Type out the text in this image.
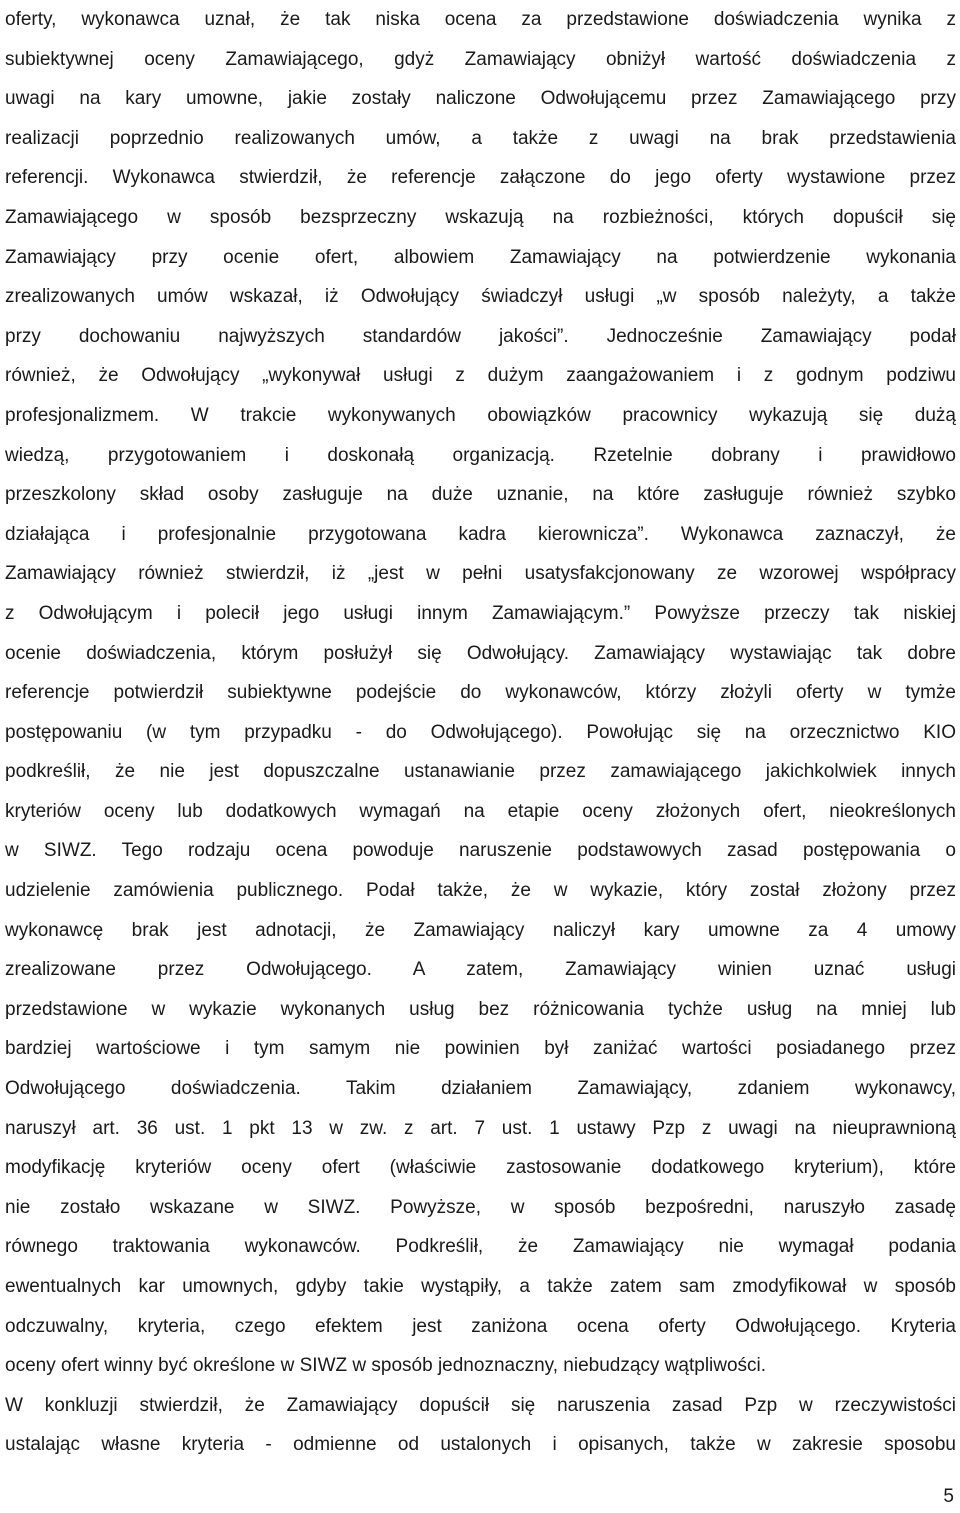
oferty, wykonawca uznał, że tak niska ocena za przedstawione doświadczenia wynika z
subiektywnej oceny Zamawiającego, gdyż Zamawiający obniżył wartość doświadczenia z
uwagi na kary umowne, jakie zostały naliczone Odwołującemu przez Zamawiającego przy
realizacji poprzednio realizowanych umów, a także z uwagi na brak przedstawienia
referencji. Wykonawca stwierdził, że referencje załączone do jego oferty wystawione przez
Zamawiającego w sposób bezsprzeczny wskazują na rozbieżności, których dopuścił się
Zamawiający przy ocenie ofert, albowiem Zamawiający na potwierdzenie wykonania
zrealizowanych umów wskazał, iż Odwołujący świadczył usługi „w sposób należyty, a także
przy dochowaniu najwyższych standardów jakości”. Jednocześnie Zamawiający podał
również, że Odwołujący „wykonywał usługi z dużym zaangażowaniem i z godnym podziwu
profesjonalizmem. W trakcie wykonywanych obowiązków pracownicy wykazują się dużą
wiedzą, przygotowaniem i doskonałą organizacją. Rzetelnie dobrany i prawidłowo
przeszkolony skład osoby zasługuje na duże uznanie, na które zasługuje również szybko
działająca i profesjonalnie przygotowana kadra kierownicza”. Wykonawca zaznaczył, że
Zamawiający również stwierdził, iż „jest w pełni usatysfakcjonowany ze wzorowej współpracy
z Odwołującym i polecił jego usługi innym Zamawiającym.” Powyższe przeczy tak niskiej
ocenie doświadczenia, którym posłużył się Odwołujący. Zamawiający wystawiając tak dobre
referencje potwierdził subiektywne podejście do wykonawców, którzy złożyli oferty w tymże
postępowaniu (w tym przypadku - do Odwołującego). Powołując się na orzecznictwo KIO
podkreślił, że nie jest dopuszczalne ustanawianie przez zamawiającego jakichkolwiek innych
kryteriów oceny lub dodatkowych wymagań na etapie oceny złożonych ofert, nieokreślonych
w SIWZ. Tego rodzaju ocena powoduje naruszenie podstawowych zasad postępowania o
udzielenie zamówienia publicznego. Podał także, że w wykazie, który został złożony przez
wykonawcę brak jest adnotacji, że Zamawiający naliczył kary umowne za 4 umowy
zrealizowane przez Odwołującego. A zatem, Zamawiający winien uznać usługi
przedstawione w wykazie wykonanych usług bez różnicowania tychże usług na mniej lub
bardziej wartościowe i tym samym nie powinien był zaniżać wartości posiadanego przez
Odwołującego doświadczenia. Takim działaniem Zamawiający, zdaniem wykonawcy,
naruszył art. 36 ust. 1 pkt 13 w zw. z art. 7 ust. 1 ustawy Pzp z uwagi na nieuprawnioną
modyfikację kryteriów oceny ofert (właściwie zastosowanie dodatkowego kryterium), które
nie zostało wskazane w SIWZ. Powyższe, w sposób bezpośredni, naruszyło zasadę
równego traktowania wykonawców. Podkreślił, że Zamawiający nie wymagał podania
ewentualnych kar umownych, gdyby takie wystąpiły, a także zatem sam zmodyfikował w sposób
odczuwalny, kryteria, czego efektem jest zaniżona ocena oferty Odwołującego. Kryteria
oceny ofert winny być określone w SIWZ w sposób jednoznaczny, niebudzący wątpliwości.
W konkluzji stwierdził, że Zamawiający dopuścił się naruszenia zasad Pzp w rzeczywistości
ustalając własne kryteria - odmienne od ustalonych i opisanych, także w zakresie sposobu
5
